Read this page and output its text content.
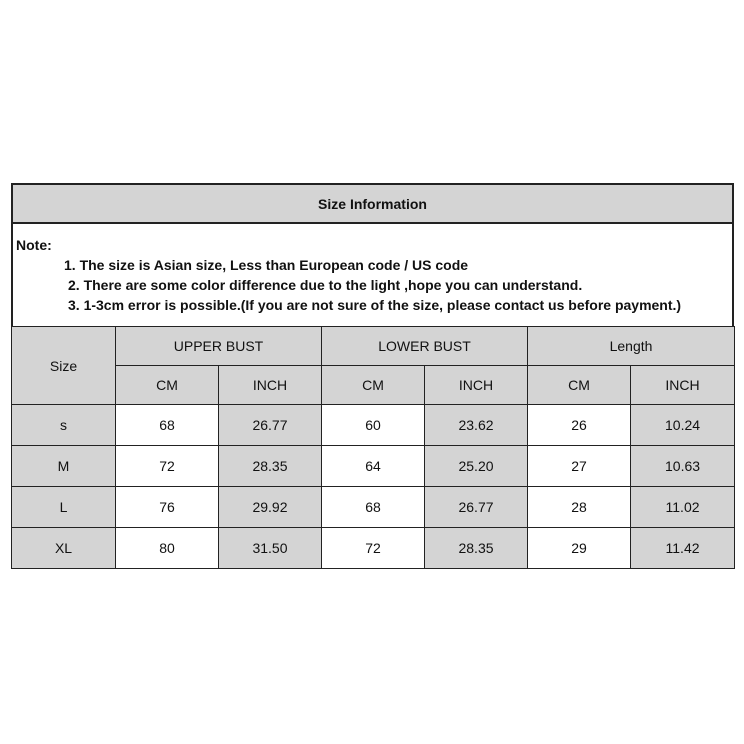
Size Information
Note:
1. The size is Asian size, Less than European code / US code
2. There are some color difference due to the light ,hope you can understand.
3. 1-3cm error is possible.(If you are not sure of the size, please contact us before payment.)
Size	UPPER BUST		LOWER BUST		Length	
	CM	INCH	CM	INCH	CM	INCH
s	68	26.77	60	23.62	26	10.24
M	72	28.35	64	25.20	27	10.63
L	76	29.92	68	26.77	28	11.02
XL	80	31.50	72	28.35	29	11.42
